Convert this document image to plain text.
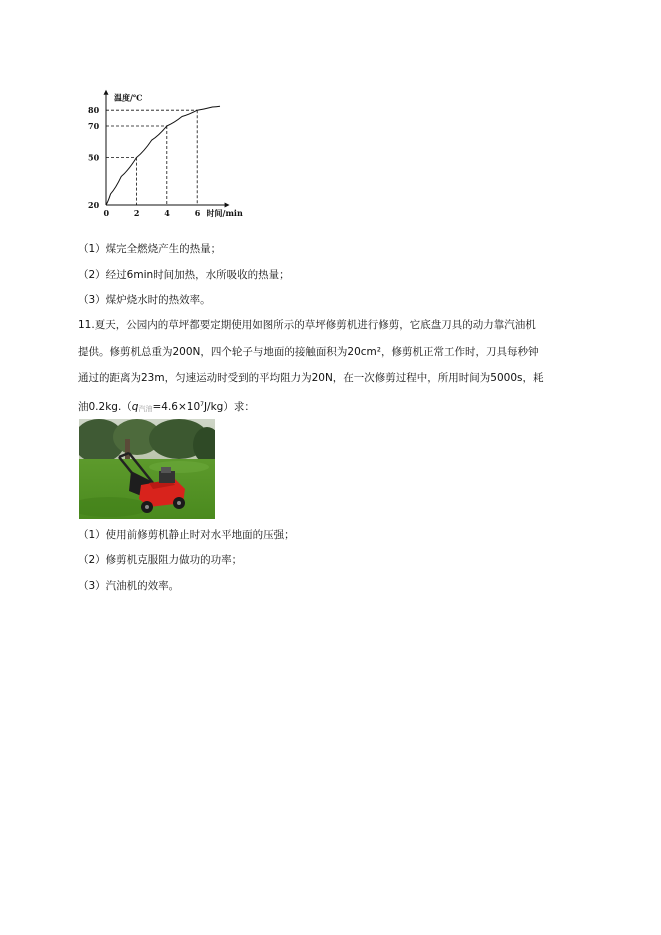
0	2	4	6
20
50
70
80
温度/℃
时间/min
（1）煤完全燃烧产生的热量；
（2）经过6min时间加热，水所吸收的热量；
（3）煤炉烧水时的热效率。

11.夏天，公园内的草坪都要定期使用如图所示的草坪修剪机进行修剪，它底盘刀具的动力靠汽油机

提供。修剪机总重为200N，四个轮子与地面的接触面积为20cm²，修剪机正常工作时，刀具每秒钟

通过的距离为23m，匀速运动时受到的平均阻力为20N，在一次修剪过程中，所用时间为5000s，耗

油0.2kg.（q汽油$=4.6\times 10^7J/kg$）求：

（1）使用前修剪机静止时对水平地面的压强；
（2）修剪机克服阻力做功的功率；
（3）汽油机的效率。
